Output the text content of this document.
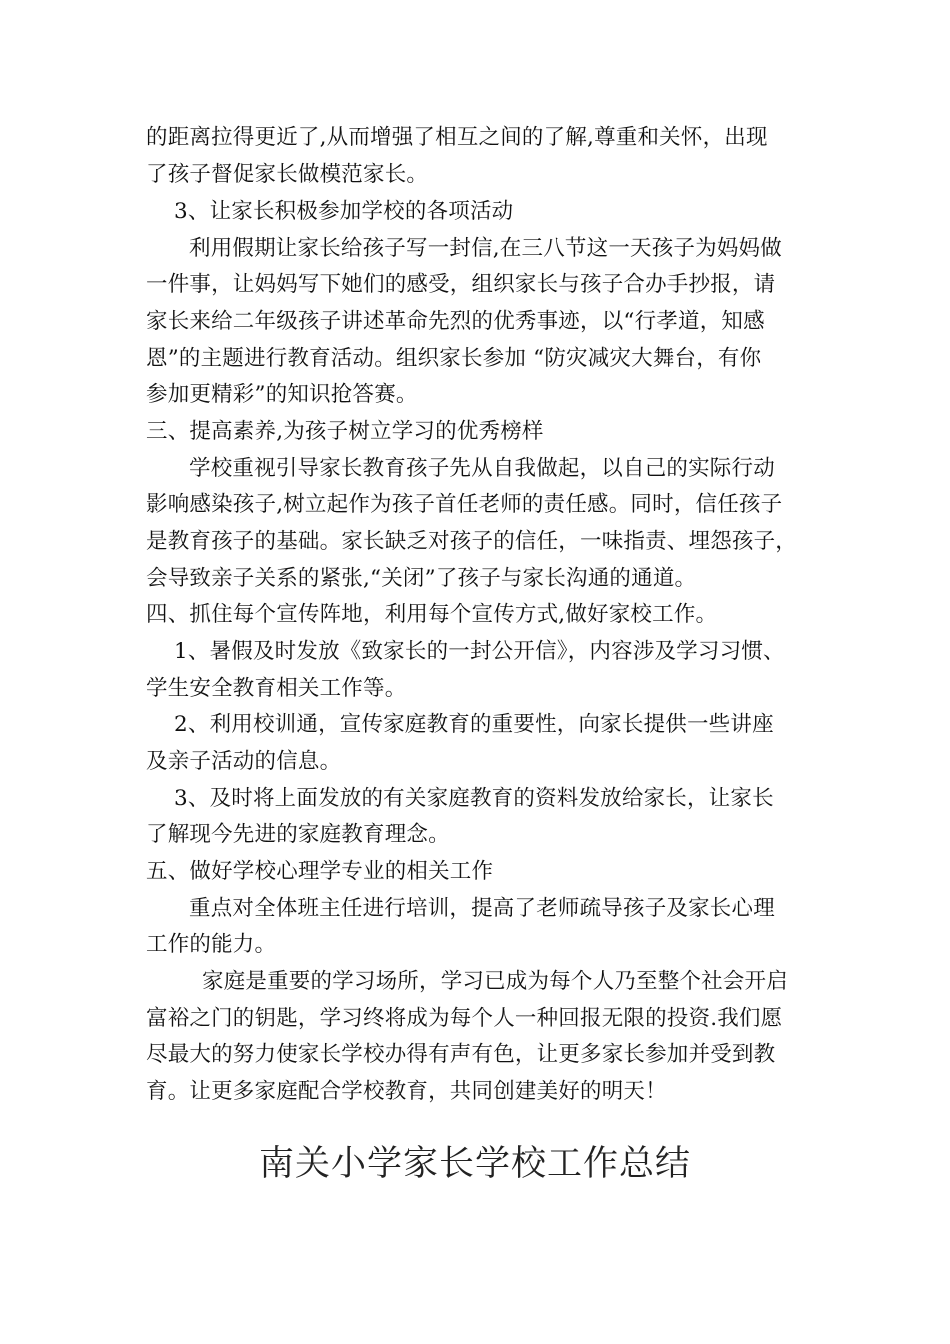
的距离拉得更近了,从而增强了相互之间的了解,尊重和关怀，出现
了孩子督促家长做模范家长。
3、让家长积极参加学校的各项活动
利用假期让家长给孩子写一封信,在三八节这一天孩子为妈妈做
一件事，让妈妈写下她们的感受，组织家长与孩子合办手抄报，请
家长来给二年级孩子讲述革命先烈的优秀事迹，以“行孝道，知感
恩”的主题进行教育活动。组织家长参加 “防灾减灾大舞台，有你
参加更精彩”的知识抢答赛。
三、提高素养,为孩子树立学习的优秀榜样
学校重视引导家长教育孩子先从自我做起，以自己的实际行动
影响感染孩子,树立起作为孩子首任老师的责任感。同时，信任孩子
是教育孩子的基础。家长缺乏对孩子的信任，一味指责、埋怨孩子，
会导致亲子关系的紧张,“关闭”了孩子与家长沟通的通道。
四、抓住每个宣传阵地，利用每个宣传方式,做好家校工作。
1、暑假及时发放《致家长的一封公开信》，内容涉及学习习惯、
学生安全教育相关工作等。
2、利用校训通，宣传家庭教育的重要性，向家长提供一些讲座
及亲子活动的信息。
3、及时将上面发放的有关家庭教育的资料发放给家长，让家长
了解现今先进的家庭教育理念。
五、做好学校心理学专业的相关工作
重点对全体班主任进行培训，提高了老师疏导孩子及家长心理
工作的能力。
家庭是重要的学习场所，学习已成为每个人乃至整个社会开启
富裕之门的钥匙，学习终将成为每个人一种回报无限的投资.我们愿
尽最大的努力使家长学校办得有声有色，让更多家长参加并受到教
育。让更多家庭配合学校教育，共同创建美好的明天！
南关小学家长学校工作总结
